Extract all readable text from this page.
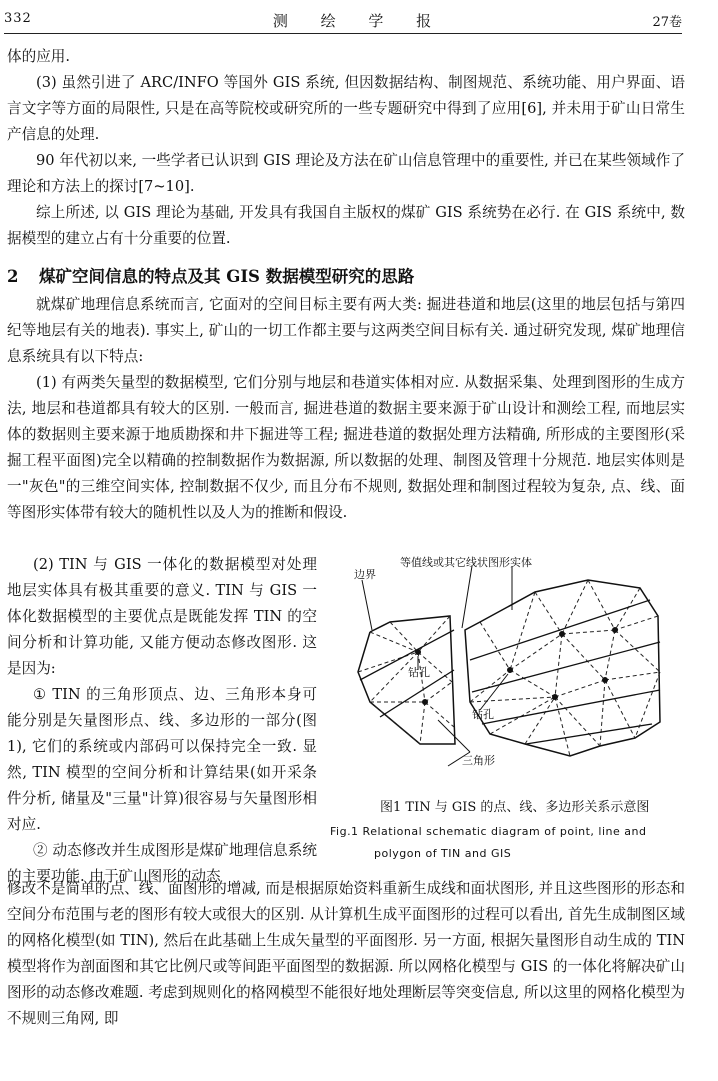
332	测 绘 学 报	27卷

体的应用.

(3) 虽然引进了 ARC/INFO 等国外 GIS 系统, 但因数据结构、制图规范、系统功能、用户界面、语言文字等方面的局限性, 只是在高等院校或研究所的一些专题研究中得到了应用[6], 并未用于矿山日常生产信息的处理.

90 年代初以来, 一些学者已认识到 GIS 理论及方法在矿山信息管理中的重要性, 并已在某些领域作了理论和方法上的探讨[7~10].

综上所述, 以 GIS 理论为基础, 开发具有我国自主版权的煤矿 GIS 系统势在必行. 在 GIS 系统中, 数据模型的建立占有十分重要的位置.

2 煤矿空间信息的特点及其 GIS 数据模型研究的思路

就煤矿地理信息系统而言, 它面对的空间目标主要有两大类: 掘进巷道和地层(这里的地层包括与第四纪等地层有关的地表). 事实上, 矿山的一切工作都主要与这两类空间目标有关. 通过研究发现, 煤矿地理信息系统具有以下特点:

(1) 有两类矢量型的数据模型, 它们分别与地层和巷道实体相对应. 从数据采集、处理到图形的生成方法, 地层和巷道都具有较大的区别. 一般而言, 掘进巷道的数据主要来源于矿山设计和测绘工程, 而地层实体的数据则主要来源于地质勘探和井下掘进等工程; 掘进巷道的数据处理方法精确, 所形成的主要图形(采掘工程平面图)完全以精确的控制数据作为数据源, 所以数据的处理、制图及管理十分规范. 地层实体则是一"灰色"的三维空间实体, 控制数据不仅少, 而且分布不规则, 数据处理和制图过程较为复杂, 点、线、面等图形实体带有较大的随机性以及人为的推断和假设.

(2) TIN 与 GIS 一体化的数据模型对处理地层实体具有极其重要的意义. TIN 与 GIS 一体化数据模型的主要优点是既能发挥 TIN 的空间分析和计算功能, 又能方便动态修改图形. 这是因为:

① TIN 的三角形顶点、边、三角形本身可能分别是矢量图形点、线、多边形的一部分(图1), 它们的系统或内部码可以保持完全一致. 显然, TIN 模型的空间分析和计算结果(如开采条件分析, 储量及"三量"计算)很容易与矢量图形相对应.

② 动态修改并生成图形是煤矿地理信息系统的主要功能. 由于矿山图形的动态

等值线或其它线状图形实体
边界
钻孔
钻孔
三角形
图1 TIN 与 GIS 的点、线、多边形关系示意图
Fig.1 Relational schematic diagram of point, line and
polygon of TIN and GIS

修改不是简单的点、线、面图形的增减, 而是根据原始资料重新生成线和面状图形, 并且这些图形的形态和空间分布范围与老的图形有较大或很大的区别. 从计算机生成平面图形的过程可以看出, 首先生成制图区域的网格化模型(如 TIN), 然后在此基础上生成矢量型的平面图形. 另一方面, 根据矢量图形自动生成的 TIN 模型将作为剖面图和其它比例尺或等间距平面图型的数据源. 所以网格化模型与 GIS 的一体化将解决矿山图形的动态修改难题. 考虑到规则化的格网模型不能很好地处理断层等突变信息, 所以这里的网格化模型为不规则三角网, 即
